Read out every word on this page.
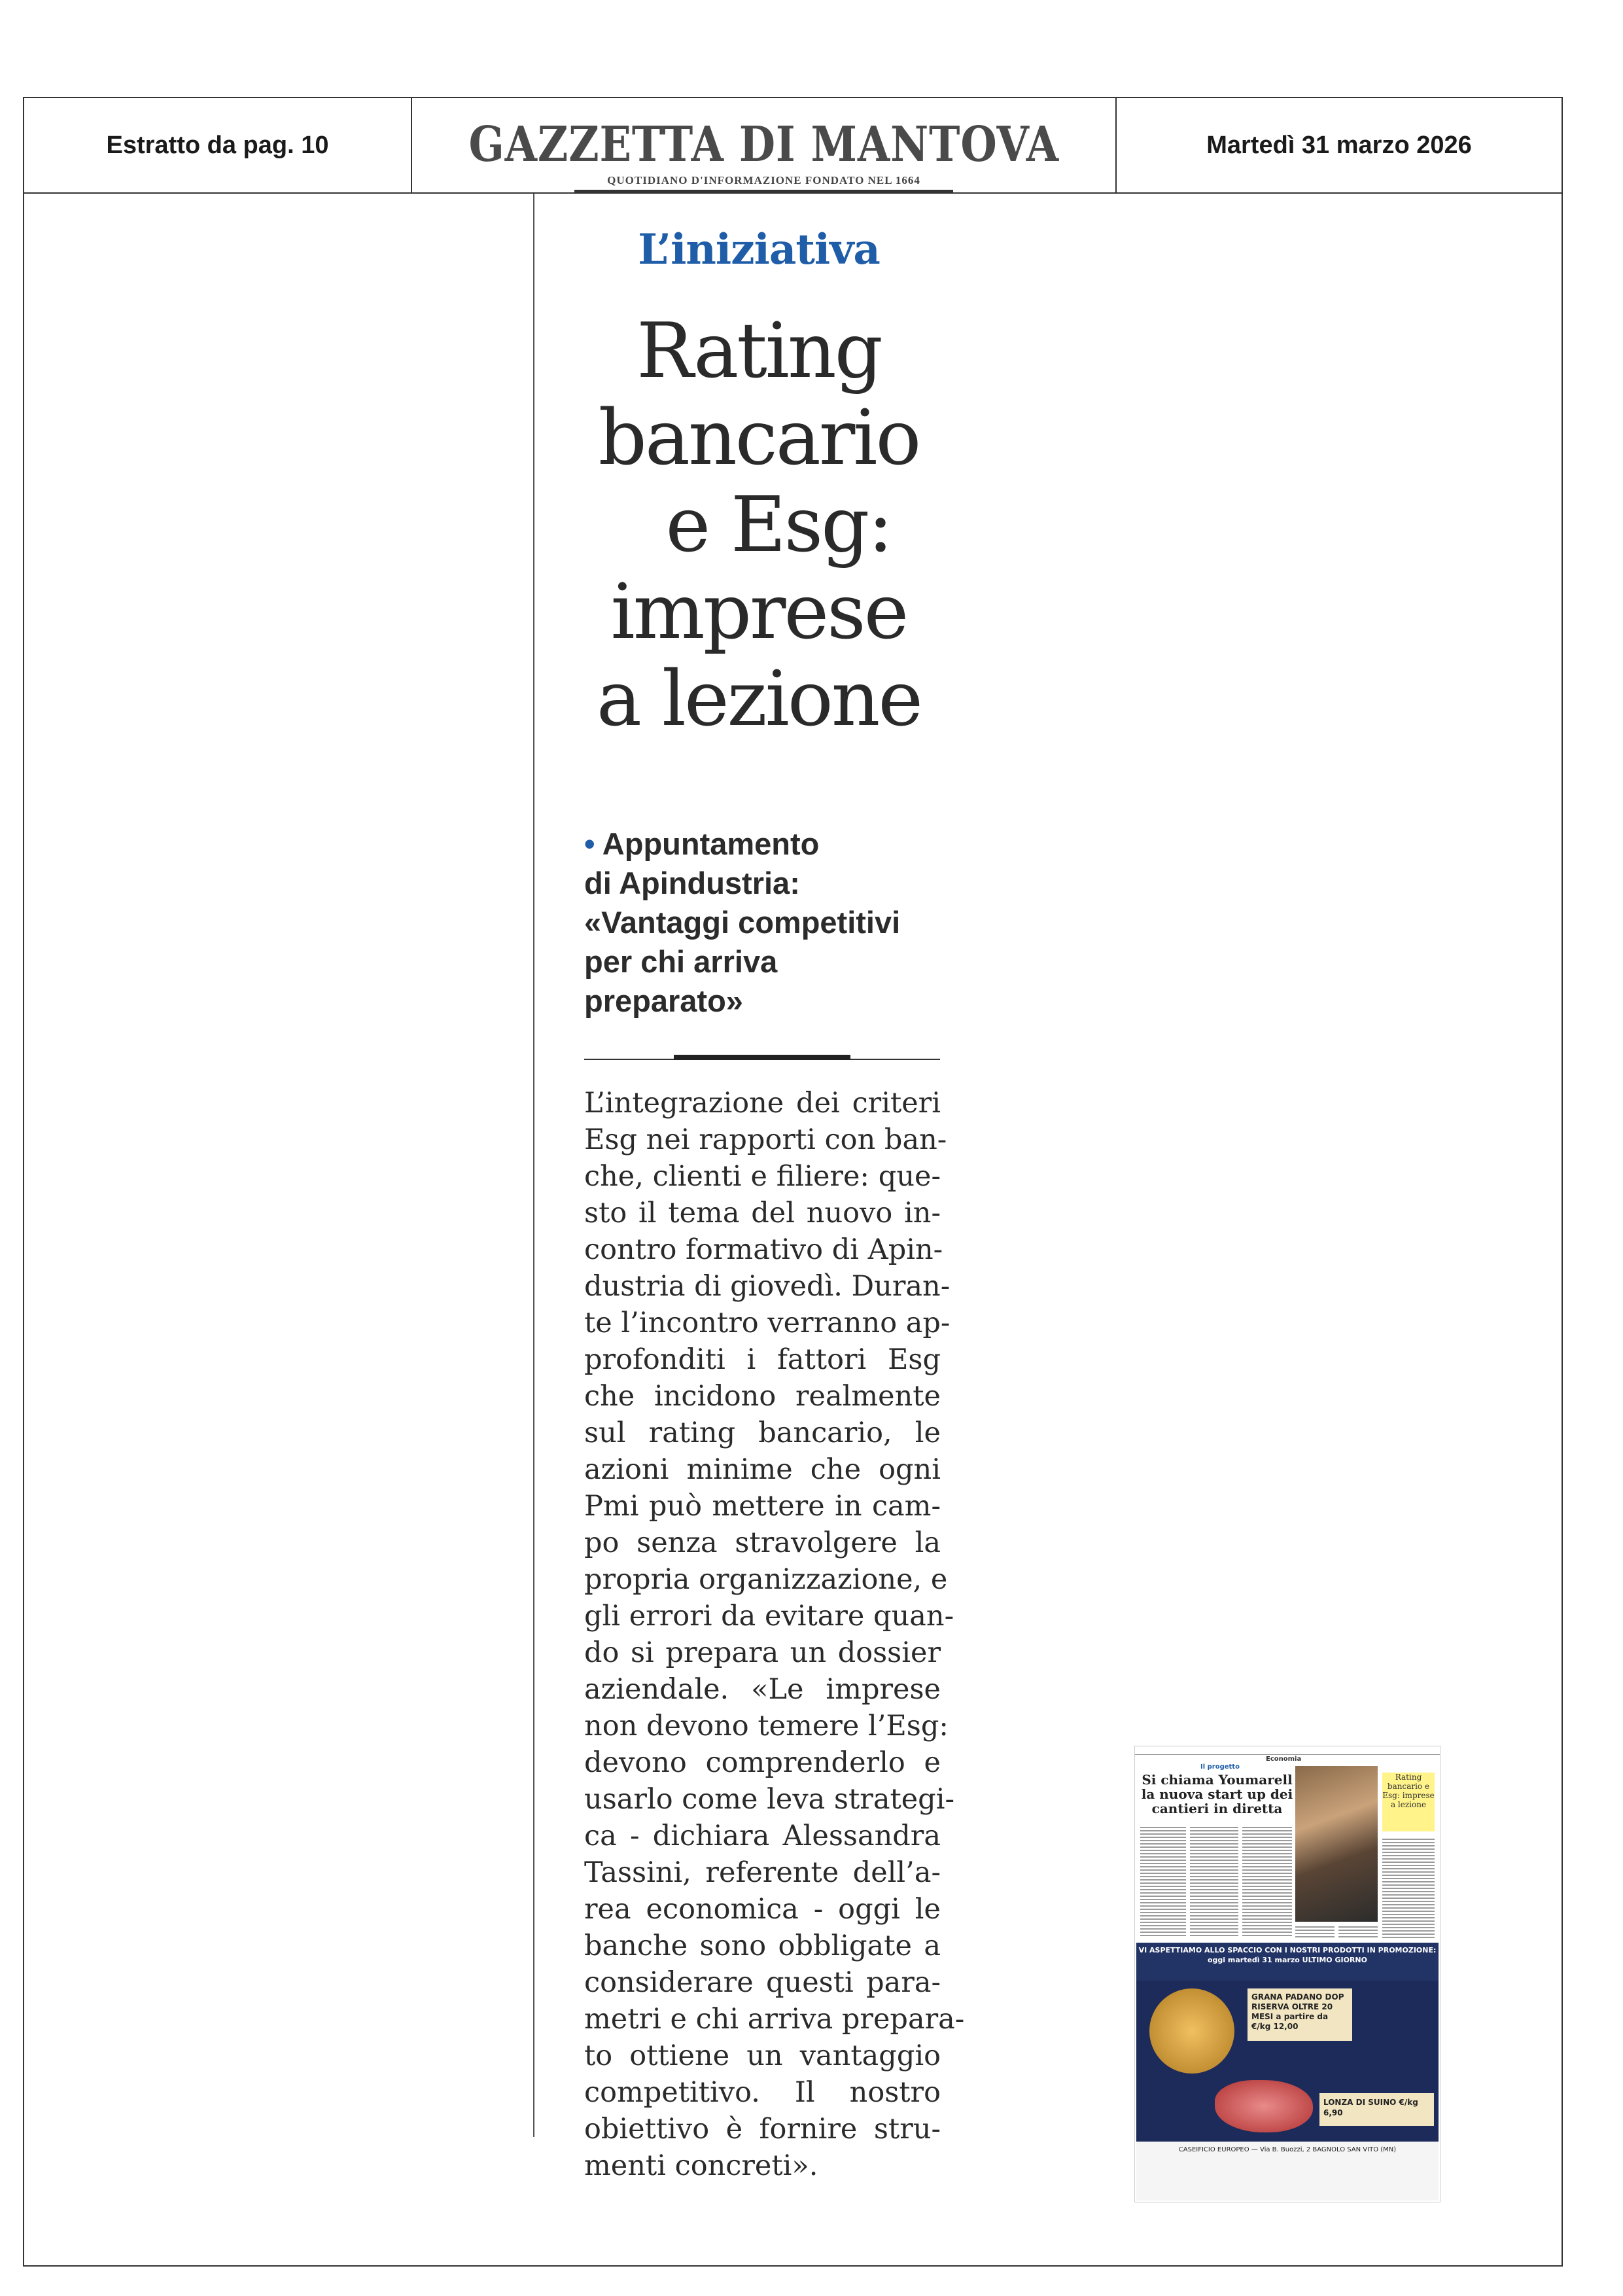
Estratto da pag. 10	GAZZETTA DI MANTOVA
QUOTIDIANO D'INFORMAZIONE FONDATO NEL 1664
Martedì 31 marzo 2026
L’iniziativa
Rating
bancario
e Esg:
imprese
a lezione
• Appuntamento
di Apindustria:
«Vantaggi competitivi
per chi arriva
preparato»
L’integrazione dei criteri
Esg nei rapporti con ban-
che, clienti e filiere: que-
sto il tema del nuovo in-
contro formativo di Apin-
dustria di giovedì. Duran-
te l’incontro verranno ap-
profonditi i fattori Esg
che incidono realmente
sul rating bancario, le
azioni minime che ogni
Pmi può mettere in cam-
po senza stravolgere la
propria organizzazione, e
gli errori da evitare quan-
do si prepara un dossier
aziendale. «Le imprese
non devono temere l’Esg:
devono comprenderlo e
usarlo come leva strategi-
ca - dichiara Alessandra
Tassini, referente dell’a-
rea economica - oggi le
banche sono obbligate a
considerare questi para-
metri e chi arriva prepara-
to ottiene un vantaggio
competitivo. Il nostro
obiettivo è fornire stru-
menti concreti».
Economia
Il progetto
Si chiama Youmarell la nuova start up dei cantieri in diretta
Rating bancario e Esg: imprese a lezione
VI ASPETTIAMO ALLO SPACCIO CON I NOSTRI PRODOTTI IN PROMOZIONE: oggi martedì 31 marzo ULTIMO GIORNO
GRANA PADANO DOP RISERVA OLTRE 20 MESI a partire da €/kg 12,00
LONZA DI SUINO €/kg 6,90
CASEIFICIO EUROPEO — Via B. Buozzi, 2 BAGNOLO SAN VITO (MN)
